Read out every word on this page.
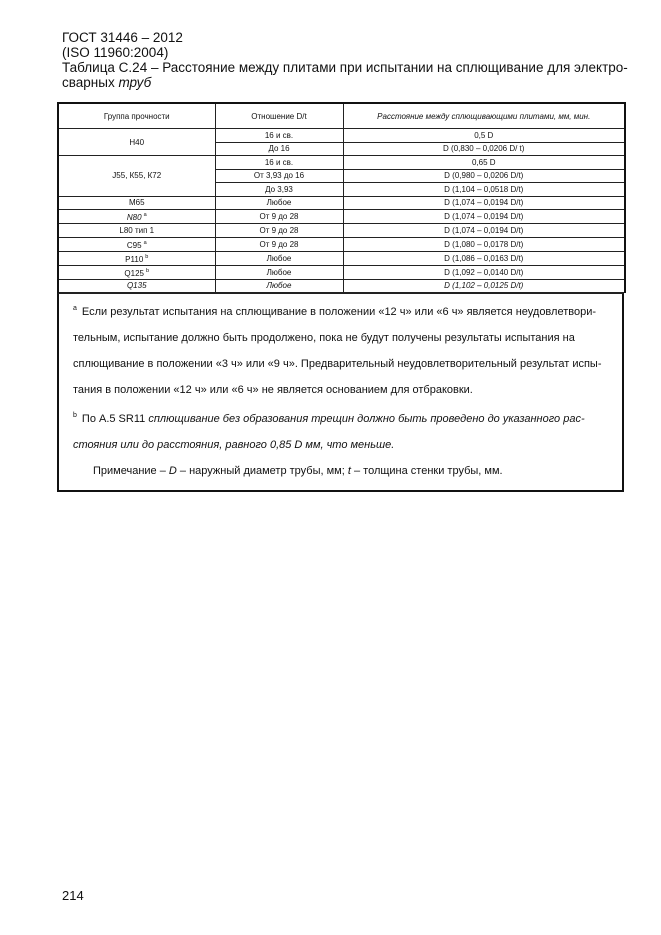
ГОСТ 31446 – 2012
(ISO 11960:2004)
Таблица С.24 – Расстояние между плитами при испытании на сплющивание для электро-
сварных труб
Группа прочности	Отношение D/t	Расстояние между сплющивающими плитами, мм, мин.
Н40	16 и св.	0,5 D
	До 16	D (0,830 – 0,0206 D/ t)
J55, К55, К72	16 и св.	0,65 D
	От 3,93 до 16	D (0,980 – 0,0206 D/t)
	До 3,93	D (1,104 – 0,0518 D/t)
М65	Любое	D (1,074 – 0,0194 D/t)
N80 $^а$	От 9 до 28	D (1,074 – 0,0194 D/t)
L80 тип 1	От 9 до 28	D (1,074 – 0,0194 D/t)
С95 $^а$	От 9 до 28	D (1,080 – 0,0178 D/t)
Р110 $^b$	Любое	D (1,086 – 0,0163 D/t)
Q125 $^b$	Любое	D (1,092 – 0,0140 D/t)
Q135	Любое	D (1,102 – 0,0125 D/t)

$^а$ Если результат испытания на сплющивание в положении «12 ч» или «6 ч» является неудовлетвори-

тельным, испытание должно быть продолжено, пока не будут получены результаты испытания на

сплющивание в положении «3 ч» или «9 ч». Предварительный неудовлетворительный результат испы-

тания в положении «12 ч» или «6 ч» не является основанием для отбраковки.

$^b$ По А.5 SR11 сплющивание без образования трещин должно быть проведено до указанного рас-

стояния или до расстояния, равного 0,85 D мм, что меньше.

Примечание – D – наружный диаметр трубы, мм; t – толщина стенки трубы, мм.

214
